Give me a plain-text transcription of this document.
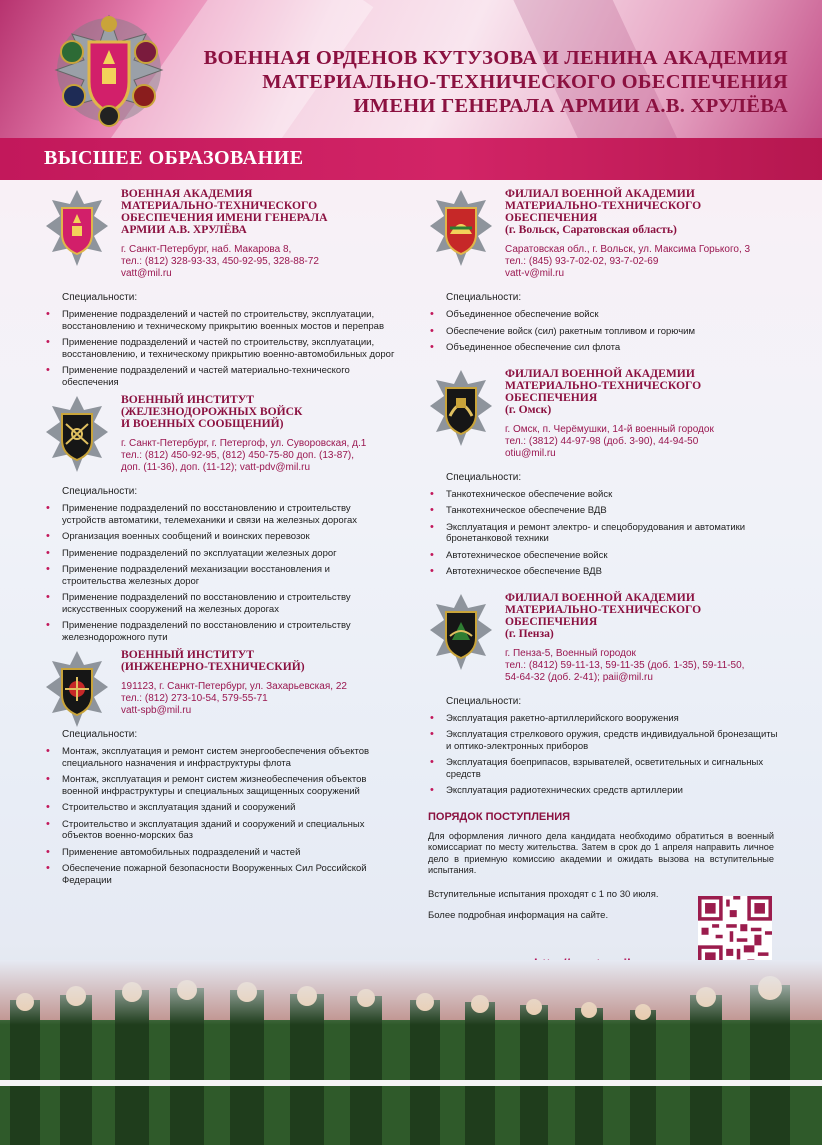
ВОЕННАЯ ОРДЕНОВ КУТУЗОВА И ЛЕНИНА АКАДЕМИЯ
МАТЕРИАЛЬНО-ТЕХНИЧЕСКОГО ОБЕСПЕЧЕНИЯ
ИМЕНИ ГЕНЕРАЛА АРМИИ А.В. ХРУЛЁВА
ВЫСШЕЕ ОБРАЗОВАНИЕ
ВОЕННАЯ АКАДЕМИЯ
МАТЕРИАЛЬНО-ТЕХНИЧЕСКОГО
ОБЕСПЕЧЕНИЯ ИМЕНИ ГЕНЕРАЛА
АРМИИ А.В. ХРУЛЁВА
г. Санкт-Петербург, наб. Макарова 8,
тел.: (812) 328-93-33, 450-92-95, 328-88-72
vatt@mil.ru
Специальности:
• Применение подразделений и частей по строительству, эксплуатации, восстановлению и техническому прикрытию военных мостов и переправ
• Применение подразделений и частей по строительству, эксплуатации, восстановлению, и техническому прикрытию военно-автомобильных дорог
• Применение подразделений и частей материально-технического обеспечения
ВОЕННЫЙ ИНСТИТУТ
(ЖЕЛЕЗНОДОРОЖНЫХ ВОЙСК
И ВОЕННЫХ СООБЩЕНИЙ)
г. Санкт-Петербург, г. Петергоф, ул. Суворовская, д.1
тел.: (812) 450-92-95, (812) 450-75-80 доп. (13-87),
доп. (11-36), доп. (11-12); vatt-pdv@mil.ru
Специальности:
• Применение подразделений по восстановлению и строительству устройств автоматики, телемеханики и связи на железных дорогах
• Организация военных сообщений и воинских перевозок
• Применение подразделений по эксплуатации железных дорог
• Применение подразделений механизации восстановления и строительства железных дорог
• Применение подразделений по восстановлению и строительству искусственных сооружений на железных дорогах
• Применение подразделений по восстановлению и строительству железнодорожного пути
ВОЕННЫЙ ИНСТИТУТ
(ИНЖЕНЕРНО-ТЕХНИЧЕСКИЙ)
191123, г. Санкт-Петербург, ул. Захарьевская, 22
тел.: (812) 273-10-54, 579-55-71
vatt-spb@mil.ru
Специальности:
• Монтаж, эксплуатация и ремонт систем энергообеспечения объектов специального назначения и инфраструктуры флота
• Монтаж, эксплуатация и ремонт систем жизнеобеспечения объектов военной инфраструктуры и специальных защищенных сооружений
• Строительство и эксплуатация зданий и сооружений
• Строительство и эксплуатация зданий и сооружений и специальных объектов военно-морских баз
• Применение автомобильных подразделений и частей
• Обеспечение пожарной безопасности Вооруженных Сил Российской Федерации
ФИЛИАЛ ВОЕННОЙ АКАДЕМИИ
МАТЕРИАЛЬНО-ТЕХНИЧЕСКОГО
ОБЕСПЕЧЕНИЯ
(г. Вольск, Саратовская область)
Саратовская обл., г. Вольск, ул. Максима Горького, 3
тел.: (845) 93-7-02-02, 93-7-02-69
vatt-v@mil.ru
Специальности:
• Объединенное обеспечение войск
• Обеспечение войск (сил) ракетным топливом и горючим
• Объединенное обеспечение сил флота
ФИЛИАЛ ВОЕННОЙ АКАДЕМИИ
МАТЕРИАЛЬНО-ТЕХНИЧЕСКОГО
ОБЕСПЕЧЕНИЯ
(г. Омск)
г. Омск, п. Черёмушки, 14-й военный городок
тел.: (3812) 44-97-98 (доб. 3-90), 44-94-50
otiu@mil.ru
Специальности:
• Танкотехническое обеспечение войск
• Танкотехническое обеспечение ВДВ
• Эксплуатация и ремонт электро- и спецоборудования и автоматики бронетанковой техники
• Автотехническое обеспечение войск
• Автотехническое обеспечение ВДВ
ФИЛИАЛ ВОЕННОЙ АКАДЕМИИ
МАТЕРИАЛЬНО-ТЕХНИЧЕСКОГО
ОБЕСПЕЧЕНИЯ
(г. Пенза)
г. Пенза-5, Военный городок
тел.: (8412) 59-11-13, 59-11-35 (доб. 1-35), 59-11-50,
54-64-32 (доб. 2-41); paii@mil.ru
Специальности:
• Эксплуатация ракетно-артиллерийского вооружения
• Эксплуатация стрелкового оружия, средств индивидуальной бронезащиты и оптико-электронных приборов
• Эксплуатация боеприпасов, взрывателей, осветительных и сигнальных средств
• Эксплуатация радиотехнических средств артиллерии
ПОРЯДОК ПОСТУПЛЕНИЯ
Для оформления личного дела кандидата необходимо обратиться в военный комиссариат по месту жительства. Затем в срок до 1 апреля направить личное дело в приемную комиссию академии и ожидать вызова на вступительные испытания.
Вступительные испытания проходят с 1 по 30 июля.
Более подробная информация на сайте.
